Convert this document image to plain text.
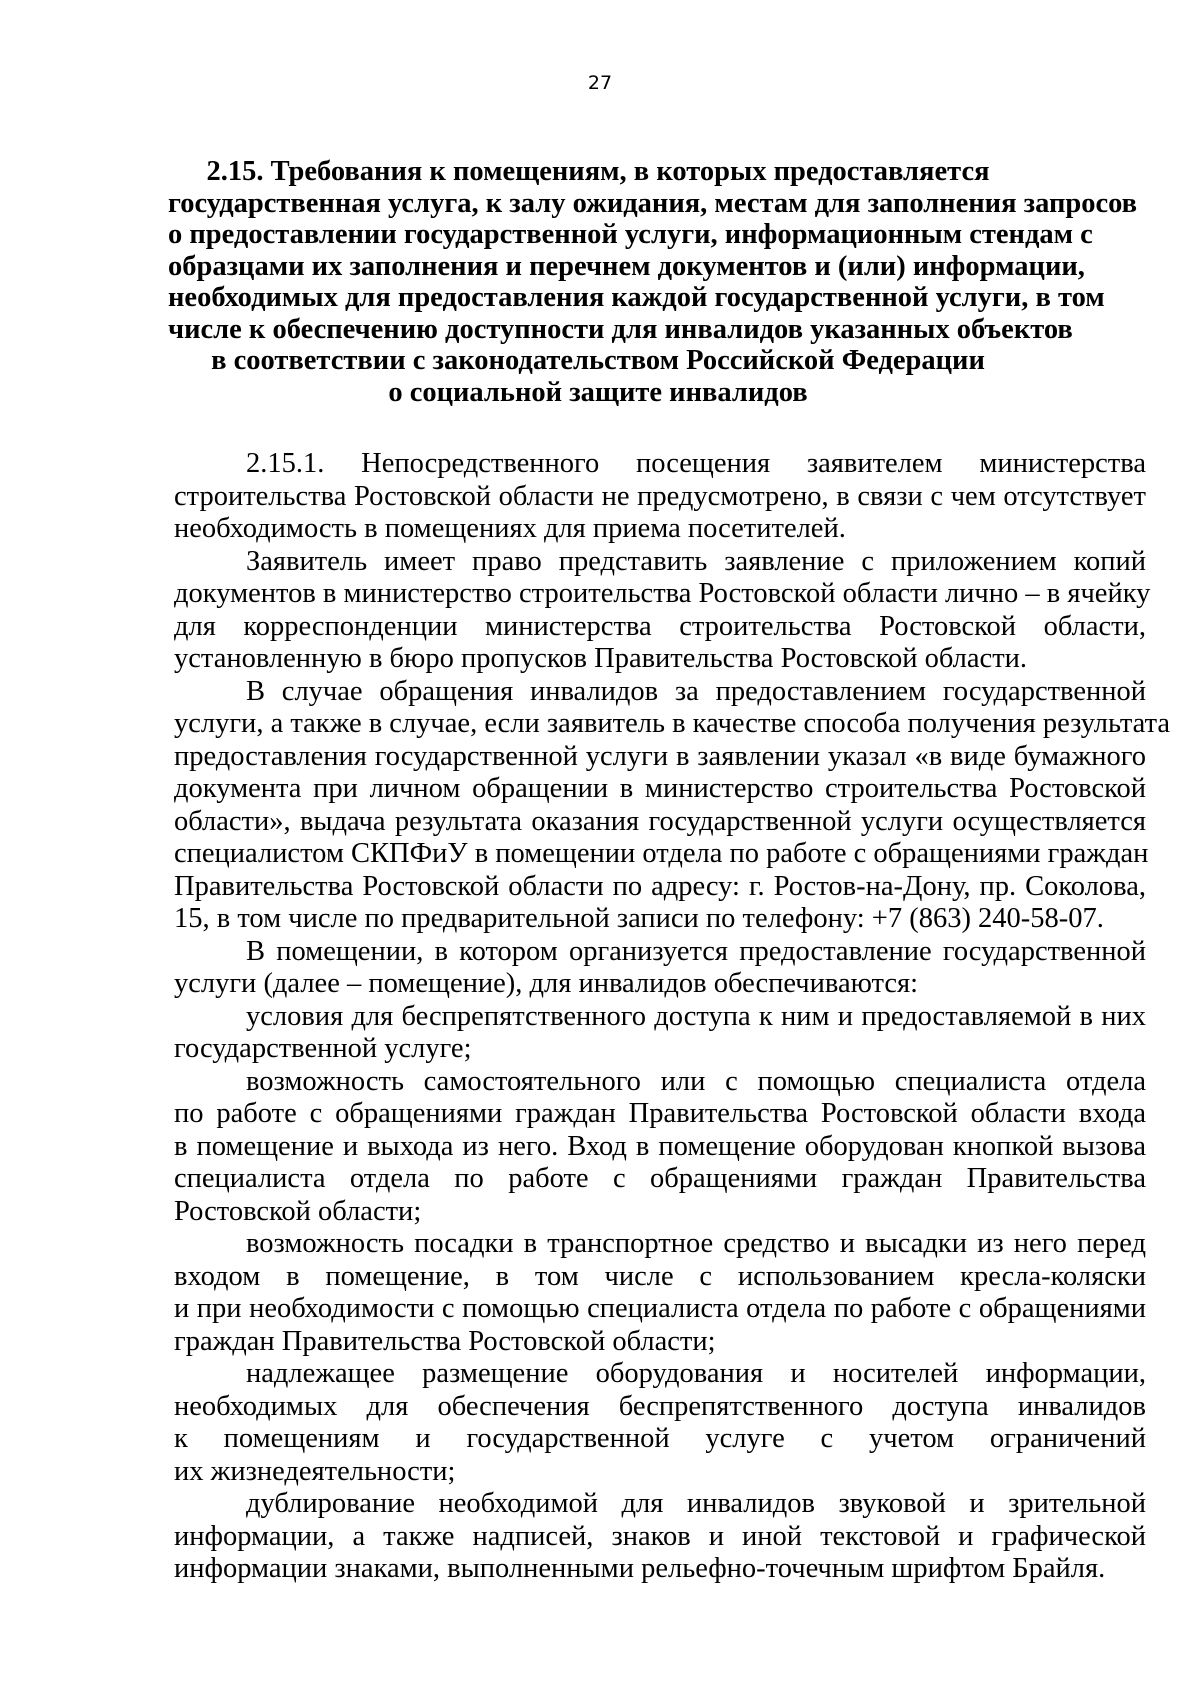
27
2.15. Требования к помещениям, в которых предоставляется
государственная услуга, к залу ожидания, местам для заполнения запросов
о предоставлении государственной услуги, информационным стендам с
образцами их заполнения и перечнем документов и (или) информации,
необходимых для предоставления каждой государственной услуги, в том
числе к обеспечению доступности для инвалидов указанных объектов
в соответствии с законодательством Российской Федерации
о социальной защите инвалидов
2.15.1. Непосредственного посещения заявителем министерства
строительства Ростовской области не предусмотрено, в связи с чем отсутствует
необходимость в помещениях для приема посетителей.
Заявитель имеет право представить заявление с приложением копий
документов в министерство строительства Ростовской области лично – в ячейку
для корреспонденции министерства строительства Ростовской области,
установленную в бюро пропусков Правительства Ростовской области.
В случае обращения инвалидов за предоставлением государственной
услуги, а также в случае, если заявитель в качестве способа получения результата
предоставления государственной услуги в заявлении указал «в виде бумажного
документа при личном обращении в министерство строительства Ростовской
области», выдача результата оказания государственной услуги осуществляется
специалистом СКПФиУ в помещении отдела по работе с обращениями граждан
Правительства Ростовской области по адресу: г. Ростов-на-Дону, пр. Соколова,
15, в том числе по предварительной записи по телефону: +7 (863) 240-58-07.
В помещении, в котором организуется предоставление государственной
услуги (далее – помещение), для инвалидов обеспечиваются:
условия для беспрепятственного доступа к ним и предоставляемой в них
государственной услуге;
возможность самостоятельного или с помощью специалиста отдела
по работе с обращениями граждан Правительства Ростовской области входа
в помещение и выхода из него. Вход в помещение оборудован кнопкой вызова
специалиста отдела по работе с обращениями граждан Правительства
Ростовской области;
возможность посадки в транспортное средство и высадки из него перед
входом в помещение, в том числе с использованием кресла-коляски
и при необходимости с помощью специалиста отдела по работе с обращениями
граждан Правительства Ростовской области;
надлежащее размещение оборудования и носителей информации,
необходимых для обеспечения беспрепятственного доступа инвалидов
к помещениям и государственной услуге с учетом ограничений
их жизнедеятельности;
дублирование необходимой для инвалидов звуковой и зрительной
информации, а также надписей, знаков и иной текстовой и графической
информации знаками, выполненными рельефно-точечным шрифтом Брайля.
